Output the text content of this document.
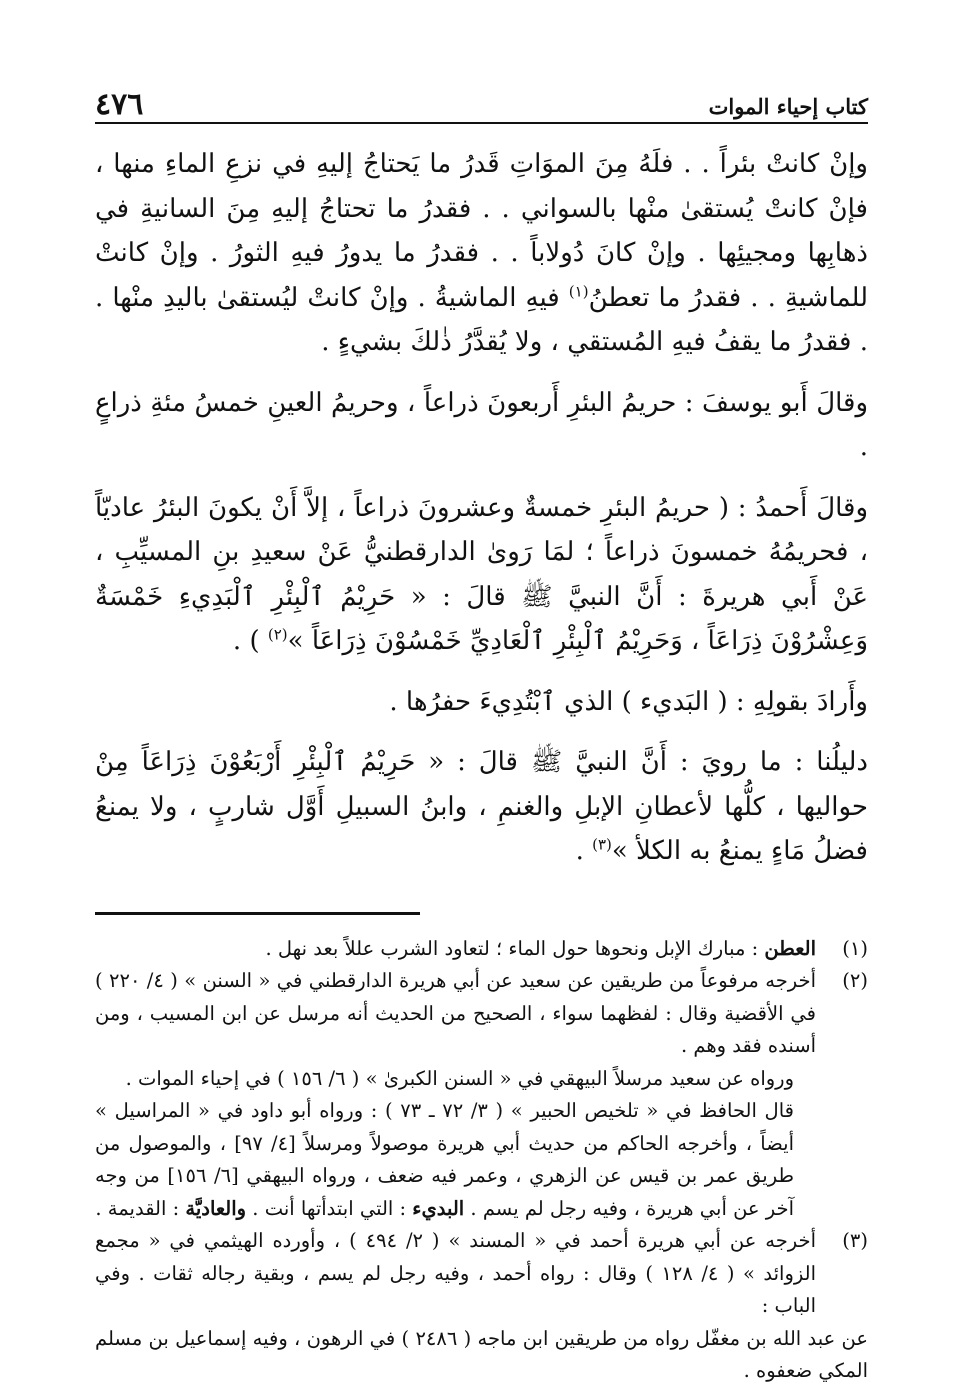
كتاب إحياء الموات
٤٧٦

وإنْ كانتْ بئراً . . فلَهُ مِنَ الموَاتِ قَدرُ ما يَحتاجُ إليهِ في نزعِ الماءِ منها ، فإنْ كانتْ يُستقىٰ منْها بالسواني . . فقدرُ ما تحتاجُ إليهِ مِنَ السانيةِ في ذهابِها ومجيئِها . وإنْ كانَ دُولاباً . . فقدرُ ما يدورُ فيهِ الثورُ . وإنْ كانتْ للماشيةِ . . فقدرُ ما تعطنُ$^{(١)}$ فيهِ الماشيةُ . وإنْ كانتْ ليُستقىٰ باليدِ منْها . . فقدرُ ما يقفُ فيهِ المُستقي ، ولا يُقدَّرُ ذٰلكَ بشيءٍ .

وقالَ أَبو يوسفَ : حريمُ البئرِ أَربعونَ ذراعاً ، وحريمُ العينِ خمسُ مئةِ ذراعٍ .

وقالَ أَحمدُ : ( حريمُ البئرِ خمسةٌ وعشرونَ ذراعاً ، إلاَّ أَنْ يكونَ البئرُ عاديّاً ، فحريمُهُ خمسونَ ذراعاً ؛ لمَا رَوىٰ الدارقطنيُّ عَنْ سعيدِ بنِ المسيِّبِ ، عَنْ أَبي هريرةَ : أَنَّ النبيَّ ﷺ قالَ : « حَرِيْمُ ٱلْبِئْرِ ٱلْبَدِيءِ خَمْسَةٌ وَعِشْرُوْنَ ذِرَاعَاً ، وَحَرِيْمُ ٱلْبِئْرِ ٱلْعَادِيِّ خَمْسُوْنَ ذِرَاعَاً »$^{(٢)}$ ) .

وأَرادَ بقولِهِ : ( البَديء ) الذي ٱبْتُدِيءَ حفرُها .

دليلُنا : ما رويَ : أَنَّ النبيَّ ﷺ قالَ : « حَرِيْمُ ٱلْبِئْرِ أَرْبَعُوْنَ ذِرَاعَاً مِنْ حواليها ، كلُّها لأعطانِ الإبلِ والغنمِ ، وابنُ السبيلِ أَوَّل شاربٍ ، ولا يمنعُ فضلُ مَاءٍ يمنعُ به الكلأ »$^{(٣)}$ .

(١)

العطن : مبارك الإبل ونحوها حول الماء ؛ لتعاود الشرب عللاً بعد نهل .

(٢)

أخرجه مرفوعاً من طريقين عن سعيد عن أبي هريرة الدارقطني في « السنن » ( ٤/ ٢٢٠ ) في الأقضية وقال : لفظهما سواء ، الصحيح من الحديث أنه مرسل عن ابن المسيب ، ومن أسنده فقد وهم .

ورواه عن سعيد مرسلاً البيهقي في « السنن الكبرىٰ » ( ٦/ ١٥٦ ) في إحياء الموات .

قال الحافظ في « تلخيص الحبير » ( ٣/ ٧٢ ـ ٧٣ ) : ورواه أبو داود في « المراسيل » أيضاً ، وأخرجه الحاكم من حديث أبي هريرة موصولاً ومرسلاً [٤/ ٩٧] ، والموصول من طريق عمر بن قيس عن الزهري ، وعمر فيه ضعف ، ورواه البيهقي [٦/ ١٥٦] من وجه آخر عن أبي هريرة ، وفيه رجل لم يسم . البديء : التي ابتدأتها أنت . والعاديَّة : القديمة .

(٣)

أخرجه عن أبي هريرة أحمد في « المسند » ( ٢/ ٤٩٤ ) ، وأورده الهيثمي في « مجمع الزوائد » ( ٤/ ١٢٨ ) وقال : رواه أحمد ، وفيه رجل لم يسم ، وبقية رجاله ثقات . وفي الباب :

عن عبد الله بن مغفّل رواه من طريقين ابن ماجه ( ٢٤٨٦ ) في الرهون ، وفيه إسماعيل بن مسلم المكي ضعفوه .
